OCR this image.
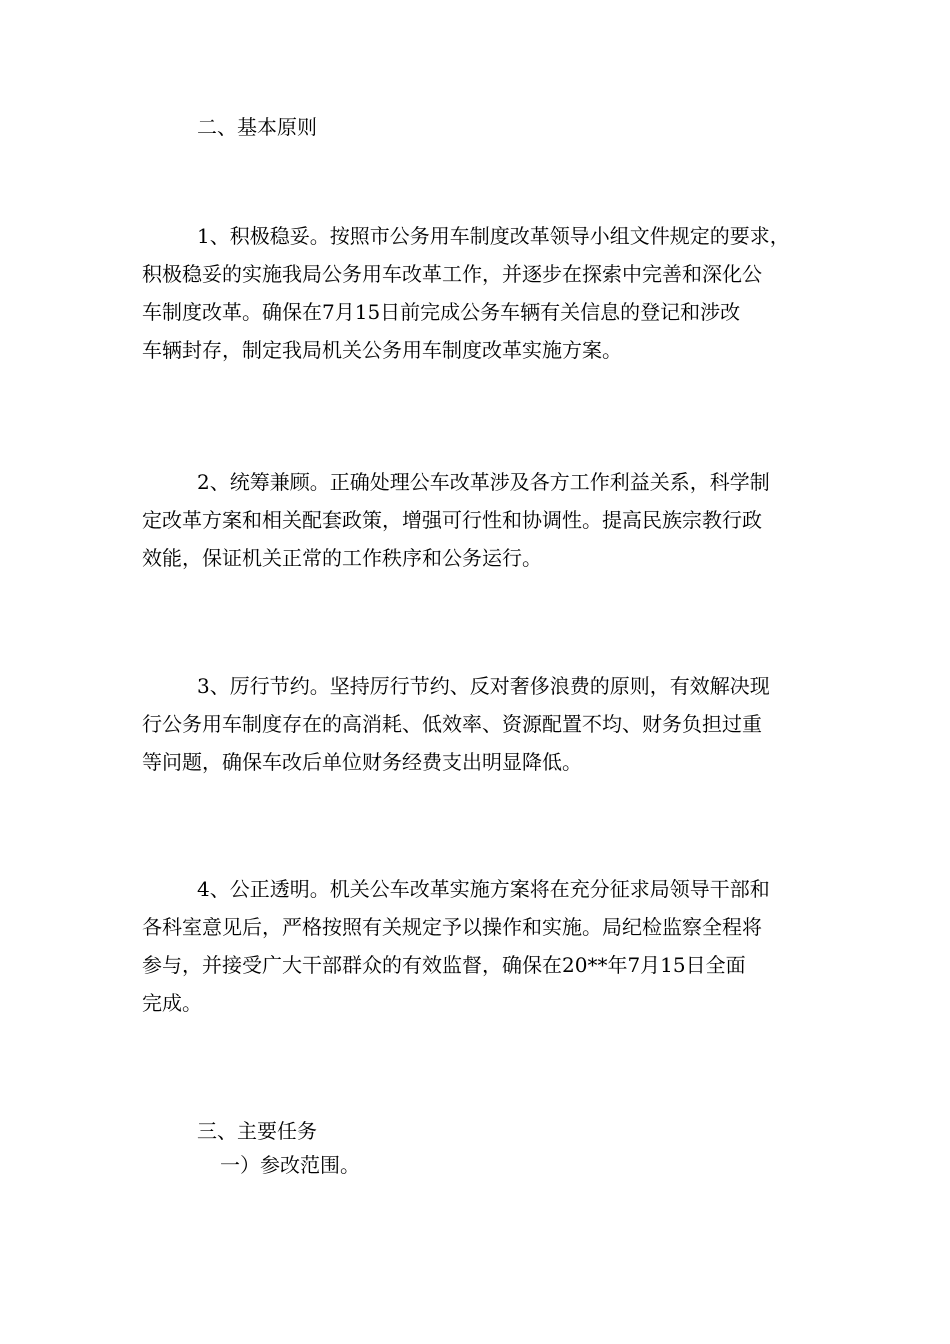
二、基本原则
1、积极稳妥。按照市公务用车制度改革领导小组文件规定的要求，
积极稳妥的实施我局公务用车改革工作，并逐步在探索中完善和深化公
车制度改革。确保在7月15日前完成公务车辆有关信息的登记和涉改
车辆封存，制定我局机关公务用车制度改革实施方案。
2、统筹兼顾。正确处理公车改革涉及各方工作利益关系，科学制
定改革方案和相关配套政策，增强可行性和协调性。提高民族宗教行政
效能，保证机关正常的工作秩序和公务运行。
3、厉行节约。坚持厉行节约、反对奢侈浪费的原则，有效解决现
行公务用车制度存在的高消耗、低效率、资源配置不均、财务负担过重
等问题，确保车改后单位财务经费支出明显降低。
4、公正透明。机关公车改革实施方案将在充分征求局领导干部和
各科室意见后，严格按照有关规定予以操作和实施。局纪检监察全程将
参与，并接受广大干部群众的有效监督，确保在20**年7月15日全面
完成。
三、主要任务
一）参改范围。
